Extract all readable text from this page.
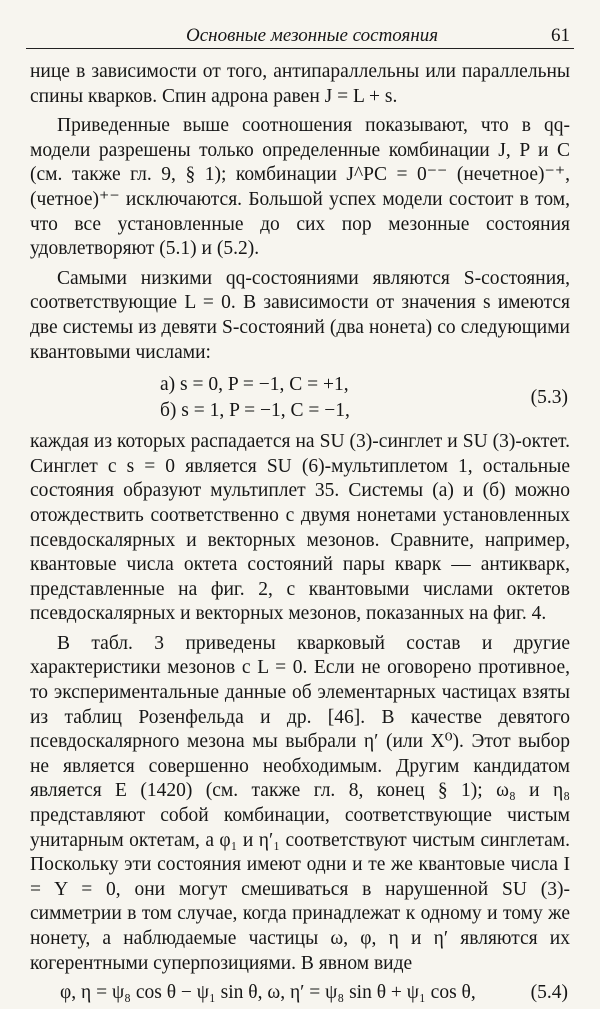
Основные мезонные состояния	61

нице в зависимости от того, антипараллельны или параллельны спины кварков. Спин адрона равен J = L + s.

Приведенные выше соотношения показывают, что в qq-модели разрешены только определенные комбинации J, P и C (см. также гл. 9, § 1); комбинации J^PC = 0⁻⁻ (нечетное)⁻⁺, (четное)⁺⁻ исключаются. Большой успех модели состоит в том, что все установленные до сих пор мезонные состояния удовлетворяют (5.1) и (5.2).

Самыми низкими qq-состояниями являются S-состояния, соответствующие L = 0. В зависимости от значения s имеются две системы из девяти S-состояний (два нонета) со следующими квантовыми числами:

а) s = 0, P = −1, C = +1,
б) s = 1, P = −1, C = −1,
(5.3)

каждая из которых распадается на SU (3)-синглет и SU (3)-октет. Синглет с s = 0 является SU (6)-мультиплетом 1, остальные состояния образуют мультиплет 35. Системы (а) и (б) можно отождествить соответственно с двумя нонетами установленных псевдоскалярных и векторных мезонов. Сравните, например, квантовые числа октета состояний пары кварк — антикварк, представленные на фиг. 2, с квантовыми числами октетов псевдоскалярных и векторных мезонов, показанных на фиг. 4.

В табл. 3 приведены кварковый состав и другие характеристики мезонов с L = 0. Если не оговорено противное, то экспериментальные данные об элементарных частицах взяты из таблиц Розенфельда и др. [46]. В качестве девятого псевдоскалярного мезона мы выбрали η′ (или X⁰). Этот выбор не является совершенно необходимым. Другим кандидатом является E (1420) (см. также гл. 8, конец § 1); ω₈ и η₈ представляют собой комбинации, соответствующие чистым унитарным октетам, а φ₁ и η′₁ соответствуют чистым синглетам. Поскольку эти состояния имеют одни и те же квантовые числа I = Y = 0, они могут смешиваться в нарушенной SU (3)-симметрии в том случае, когда принадлежат к одному и тому же нонету, а наблюдаемые частицы ω, φ, η и η′ являются их когерентными суперпозициями. В явном виде

φ, η = ψ₈ cos θ − ψ₁ sin θ, ω, η′ = ψ₈ sin θ + ψ₁ cos θ,	(5.4)
